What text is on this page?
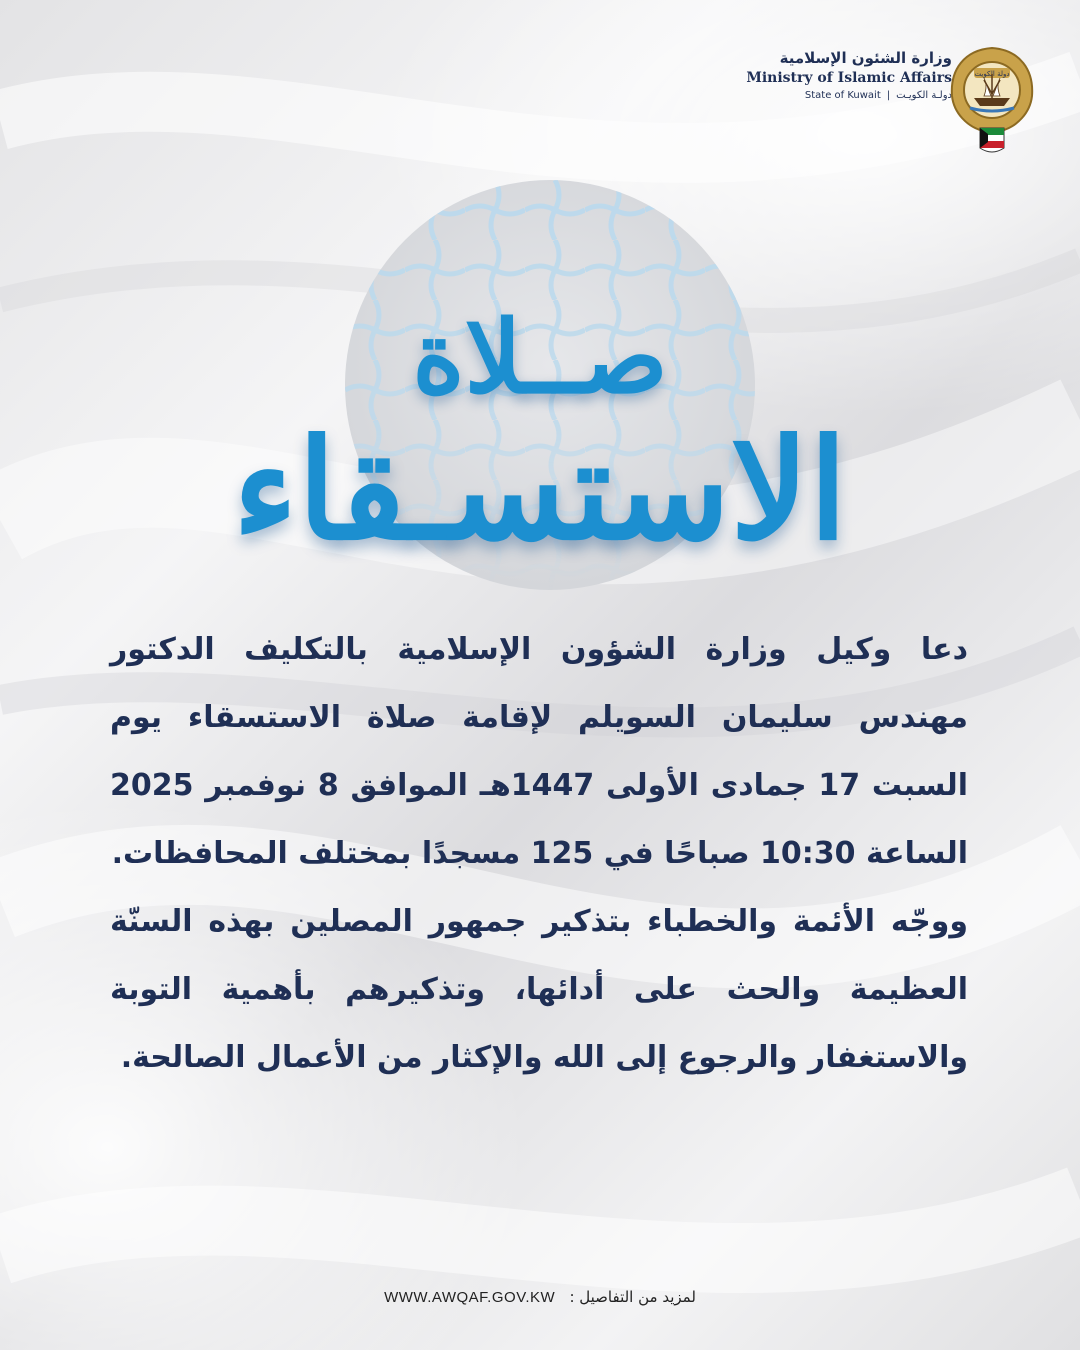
وزارة الشئون الإسلامية
Ministry of Islamic Affairs
State of Kuwait | دولـة الكويـت
دولة الكويت
صــلاة
الاستسـقاء

دعا وكيل وزارة الشؤون الإسلامية بالتكليف الدكتور مهندس سليمان السويلم لإقامة صلاة الاستسقاء يوم السبت 17 جمادى الأولى 1447هـ الموافق 8 نوفمبر 2025 الساعة 10:30 صباحًا في 125 مسجدًا بمختلف المحافظات.

ووجّه الأئمة والخطباء بتذكير جمهور المصلين بهذه السنّة العظيمة والحث على أدائها، وتذكيرهم بأهمية التوبة والاستغفار والرجوع إلى الله والإكثار من الأعمال الصالحة.

WWW.AWQAF.GOV.KW لمزيد من التفاصيل :
